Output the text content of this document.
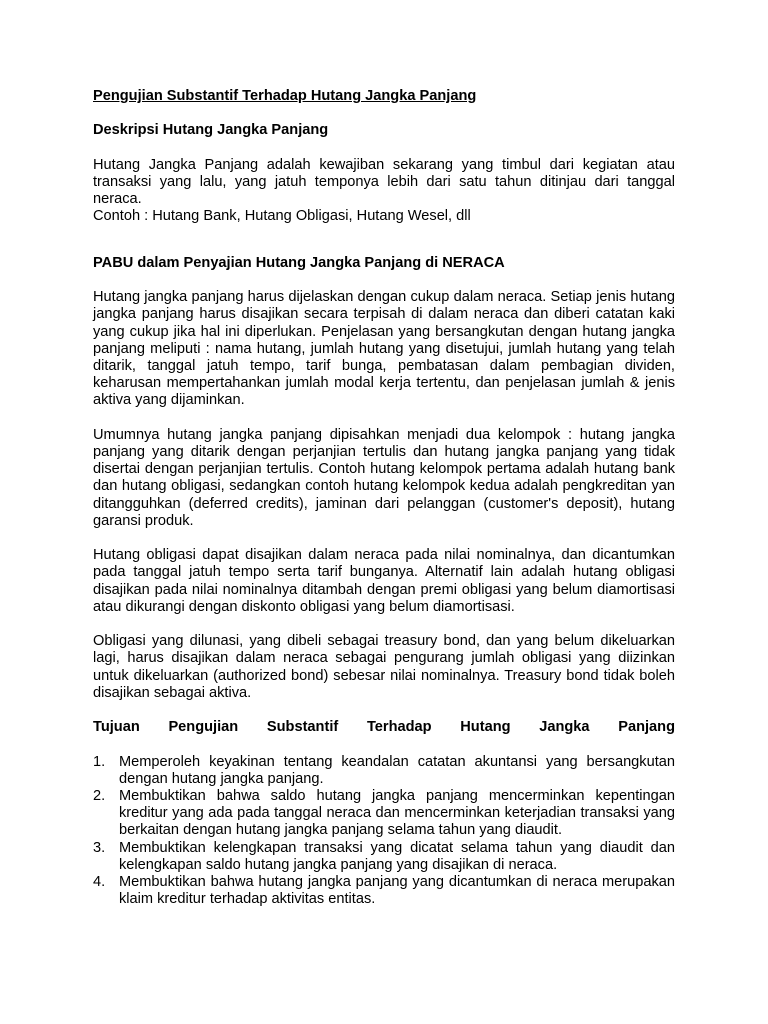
Pengujian Substantif Terhadap Hutang Jangka Panjang

Deskripsi Hutang Jangka Panjang

Hutang Jangka Panjang adalah kewajiban sekarang yang timbul dari kegiatan atau transaksi yang lalu, yang jatuh temponya lebih dari satu tahun ditinjau dari tanggal neraca.

Contoh : Hutang Bank, Hutang Obligasi, Hutang Wesel, dll

PABU dalam Penyajian Hutang Jangka Panjang di NERACA

Hutang jangka panjang harus dijelaskan dengan cukup dalam neraca. Setiap jenis hutang jangka panjang harus disajikan secara terpisah di dalam neraca dan diberi catatan kaki yang cukup jika hal ini diperlukan. Penjelasan yang bersangkutan dengan hutang jangka panjang meliputi : nama hutang, jumlah hutang yang disetujui, jumlah hutang yang telah ditarik, tanggal jatuh tempo, tarif bunga, pembatasan dalam pembagian dividen, keharusan mempertahankan jumlah modal kerja tertentu, dan penjelasan jumlah & jenis aktiva yang dijaminkan.

Umumnya hutang jangka panjang dipisahkan menjadi dua kelompok : hutang jangka panjang yang ditarik dengan perjanjian tertulis dan hutang jangka panjang yang tidak disertai dengan perjanjian tertulis. Contoh hutang kelompok pertama adalah hutang bank dan hutang obligasi, sedangkan contoh hutang kelompok kedua adalah pengkreditan yan ditangguhkan (deferred credits), jaminan dari pelanggan (customer's deposit), hutang garansi produk.

Hutang obligasi dapat disajikan dalam neraca pada nilai nominalnya, dan dicantumkan pada tanggal jatuh tempo serta tarif bunganya. Alternatif lain adalah hutang obligasi disajikan pada nilai nominalnya ditambah dengan premi obligasi yang belum diamortisasi atau dikurangi dengan diskonto obligasi yang belum diamortisasi.

Obligasi yang dilunasi, yang dibeli sebagai treasury bond, dan yang belum dikeluarkan lagi, harus disajikan dalam neraca sebagai pengurang jumlah obligasi yang diizinkan untuk dikeluarkan (authorized bond) sebesar nilai nominalnya. Treasury bond tidak boleh disajikan sebagai aktiva.

Tujuan Pengujian Substantif Terhadap Hutang Jangka Panjang
1. Memperoleh keyakinan tentang keandalan catatan akuntansi yang bersangkutan dengan hutang jangka panjang.
2. Membuktikan bahwa saldo hutang jangka panjang mencerminkan kepentingan kreditur yang ada pada tanggal neraca dan mencerminkan keterjadian transaksi yang berkaitan dengan hutang jangka panjang selama tahun yang diaudit.
3. Membuktikan kelengkapan transaksi yang dicatat selama tahun yang diaudit dan kelengkapan saldo hutang jangka panjang yang disajikan di neraca.
4. Membuktikan bahwa hutang jangka panjang yang dicantumkan di neraca merupakan klaim kreditur terhadap aktivitas entitas.
